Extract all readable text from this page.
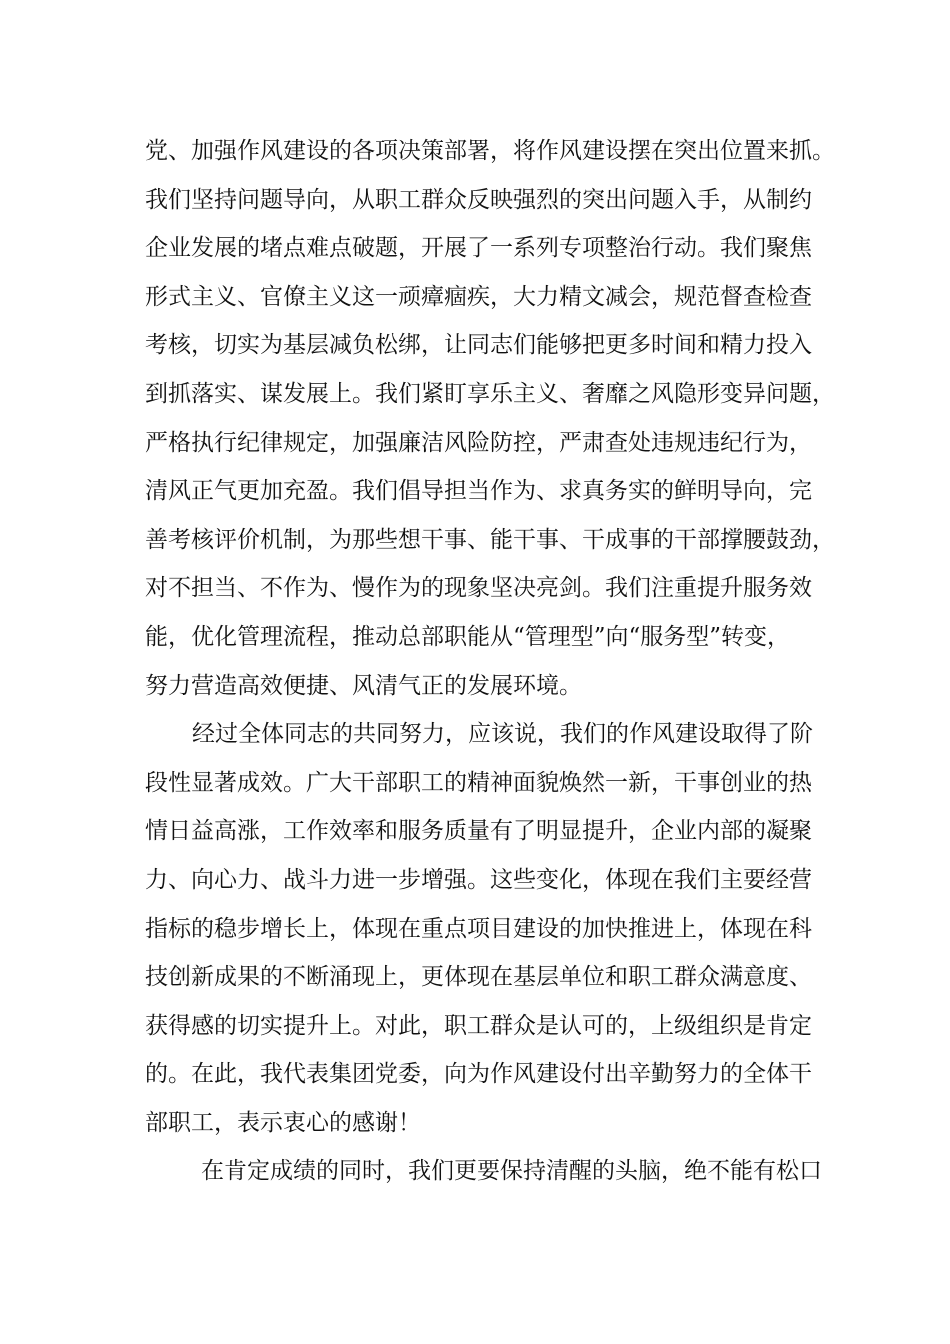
党、加强作风建设的各项决策部署，将作风建设摆在突出位置来抓。
我们坚持问题导向，从职工群众反映强烈的突出问题入手，从制约
企业发展的堵点难点破题，开展了一系列专项整治行动。我们聚焦
形式主义、官僚主义这一顽瘴痼疾，大力精文减会，规范督查检查
考核，切实为基层减负松绑，让同志们能够把更多时间和精力投入
到抓落实、谋发展上。我们紧盯享乐主义、奢靡之风隐形变异问题，
严格执行纪律规定，加强廉洁风险防控，严肃查处违规违纪行为，
清风正气更加充盈。我们倡导担当作为、求真务实的鲜明导向，完
善考核评价机制，为那些想干事、能干事、干成事的干部撑腰鼓劲，
对不担当、不作为、慢作为的现象坚决亮剑。我们注重提升服务效
能，优化管理流程，推动总部职能从“管理型”向“服务型”转变，
努力营造高效便捷、风清气正的发展环境。
经过全体同志的共同努力，应该说，我们的作风建设取得了阶
段性显著成效。广大干部职工的精神面貌焕然一新，干事创业的热
情日益高涨，工作效率和服务质量有了明显提升，企业内部的凝聚
力、向心力、战斗力进一步增强。这些变化，体现在我们主要经营
指标的稳步增长上，体现在重点项目建设的加快推进上，体现在科
技创新成果的不断涌现上，更体现在基层单位和职工群众满意度、
获得感的切实提升上。对此，职工群众是认可的，上级组织是肯定
的。在此，我代表集团党委，向为作风建设付出辛勤努力的全体干
部职工，表示衷心的感谢！
在肯定成绩的同时，我们更要保持清醒的头脑，绝不能有松口
